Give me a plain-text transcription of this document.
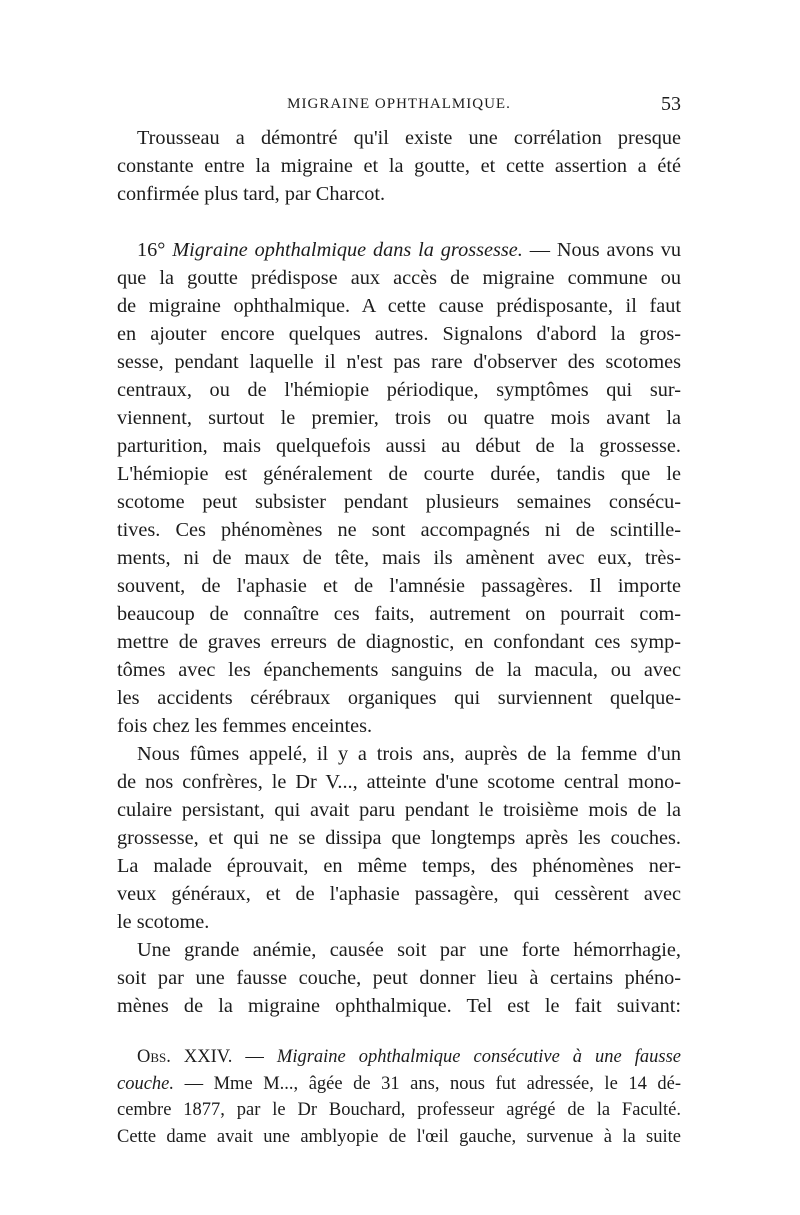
MIGRAINE OPHTHALMIQUE.	53
Trousseau a démontré qu'il existe une corrélation presque
constante entre la migraine et la goutte, et cette assertion a été
confirmée plus tard, par Charcot.
16° Migraine ophthalmique dans la grossesse. — Nous avons vu
que la goutte prédispose aux accès de migraine commune ou
de migraine ophthalmique. A cette cause prédisposante, il faut
en ajouter encore quelques autres. Signalons d'abord la gros-
sesse, pendant laquelle il n'est pas rare d'observer des scotomes
centraux, ou de l'hémiopie périodique, symptômes qui sur-
viennent, surtout le premier, trois ou quatre mois avant la
parturition, mais quelquefois aussi au début de la grossesse.
L'hémiopie est généralement de courte durée, tandis que le
scotome peut subsister pendant plusieurs semaines consécu-
tives. Ces phénomènes ne sont accompagnés ni de scintille-
ments, ni de maux de tête, mais ils amènent avec eux, très-
souvent, de l'aphasie et de l'amnésie passagères. Il importe
beaucoup de connaître ces faits, autrement on pourrait com-
mettre de graves erreurs de diagnostic, en confondant ces symp-
tômes avec les épanchements sanguins de la macula, ou avec
les accidents cérébraux organiques qui surviennent quelque-
fois chez les femmes enceintes.
Nous fûmes appelé, il y a trois ans, auprès de la femme d'un
de nos confrères, le Dr V..., atteinte d'une scotome central mono-
culaire persistant, qui avait paru pendant le troisième mois de la
grossesse, et qui ne se dissipa que longtemps après les couches.
La malade éprouvait, en même temps, des phénomènes ner-
veux généraux, et de l'aphasie passagère, qui cessèrent avec
le scotome.
Une grande anémie, causée soit par une forte hémorrhagie,
soit par une fausse couche, peut donner lieu à certains phéno-
mènes de la migraine ophthalmique. Tel est le fait suivant:
Obs. XXIV. — Migraine ophthalmique consécutive à une fausse
couche. — Mme M..., âgée de 31 ans, nous fut adressée, le 14 dé-
cembre 1877, par le Dr Bouchard, professeur agrégé de la Faculté.
Cette dame avait une amblyopie de l'œil gauche, survenue à la suite
